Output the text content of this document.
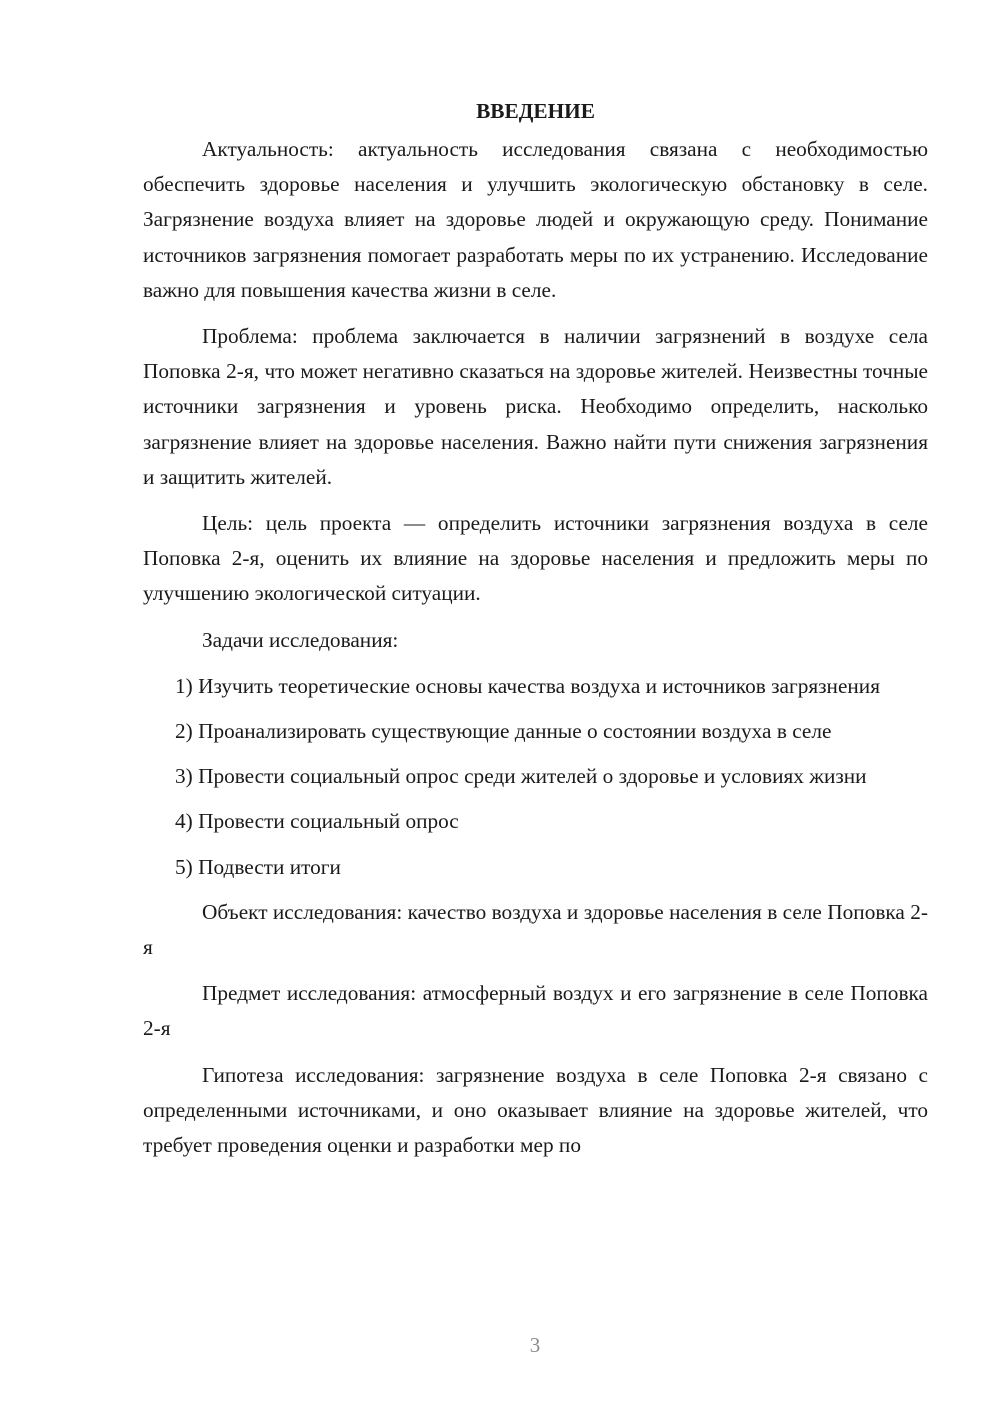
ВВЕДЕНИЕ

Актуальность: актуальность исследования связана с необходимостью обеспечить здоровье населения и улучшить экологическую обстановку в селе. Загрязнение воздуха влияет на здоровье людей и окружающую среду. Понимание источников загрязнения помогает разработать меры по их устранению. Исследование важно для повышения качества жизни в селе.

Проблема: проблема заключается в наличии загрязнений в воздухе села Поповка 2-я, что может негативно сказаться на здоровье жителей. Неизвестны точные источники загрязнения и уровень риска. Необходимо определить, насколько загрязнение влияет на здоровье населения. Важно найти пути снижения загрязнения и защитить жителей.

Цель: цель проекта — определить источники загрязнения воздуха в селе Поповка 2-я, оценить их влияние на здоровье населения и предложить меры по улучшению экологической ситуации.

Задачи исследования:

1) Изучить теоретические основы качества воздуха и источников загрязнения

2) Проанализировать существующие данные о состоянии воздуха в селе

3) Провести социальный опрос среди жителей о здоровье и условиях жизни

4) Провести социальный опрос

5) Подвести итоги

Объект исследования: качество воздуха и здоровье населения в селе Поповка 2-я

Предмет исследования: атмосферный воздух и его загрязнение в селе Поповка 2-я

Гипотеза исследования: загрязнение воздуха в селе Поповка 2-я связано с определенными источниками, и оно оказывает влияние на здоровье жителей, что требует проведения оценки и разработки мер по

3
